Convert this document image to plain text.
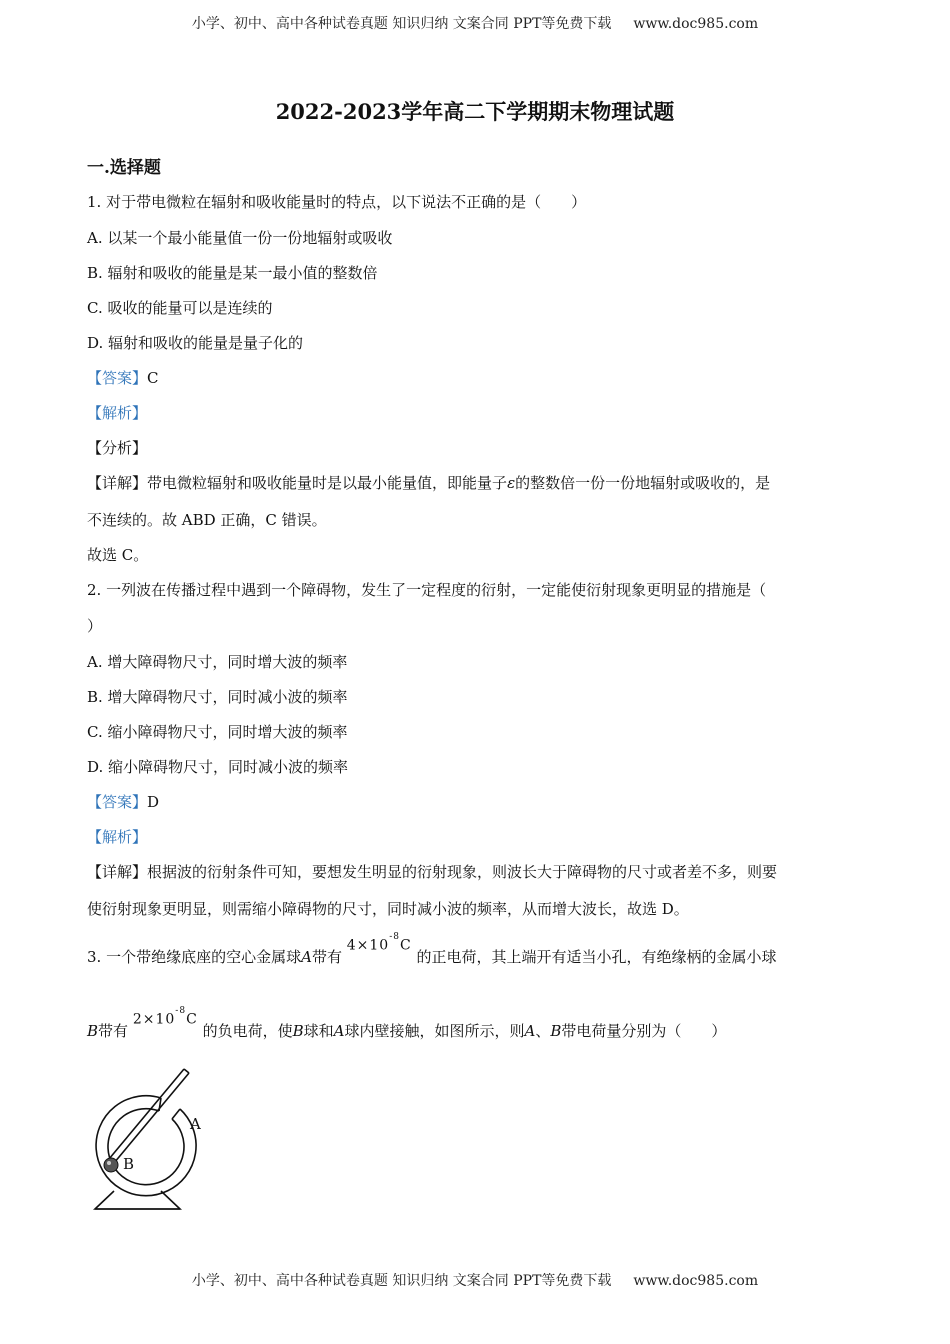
小学、初中、高中各种试卷真题 知识归纳 文案合同 PPT等免费下载 www.doc985.com
2022-2023学年高二下学期期末物理试题
一.选择题
1. 对于带电微粒在辐射和吸收能量时的特点，以下说法不正确的是（　　）
A. 以某一个最小能量值一份一份地辐射或吸收
B. 辐射和吸收的能量是某一最小值的整数倍
C. 吸收的能量可以是连续的
D. 辐射和吸收的能量是量子化的
【答案】C
【解析】
【分析】
【详解】带电微粒辐射和吸收能量时是以最小能量值，即能量子ε的整数倍一份一份地辐射或吸收的，是
不连续的。故 ABD 正确，C 错误。
故选 C。
2. 一列波在传播过程中遇到一个障碍物，发生了一定程度的衍射，一定能使衍射现象更明显的措施是（
）
A. 增大障碍物尺寸，同时增大波的频率
B. 增大障碍物尺寸，同时减小波的频率
C. 缩小障碍物尺寸，同时增大波的频率
D. 缩小障碍物尺寸，同时减小波的频率
【答案】D
【解析】
【详解】根据波的衍射条件可知，要想发生明显的衍射现象，则波长大于障碍物的尺寸或者差不多，则要
使衍射现象更明显，则需缩小障碍物的尺寸，同时减小波的频率，从而增大波长，故选 D。
3. 一个带绝缘底座的空心金属球A带有 $4\times 10^{-8}C$ 的正电荷，其上端开有适当小孔，有绝缘柄的金属小球
B带有 $2\times 10^{-8}C$ 的负电荷，使B球和A球内壁接触，如图所示，则A、B带电荷量分别为（　　）
B
A
小学、初中、高中各种试卷真题 知识归纳 文案合同 PPT等免费下载 www.doc985.com
